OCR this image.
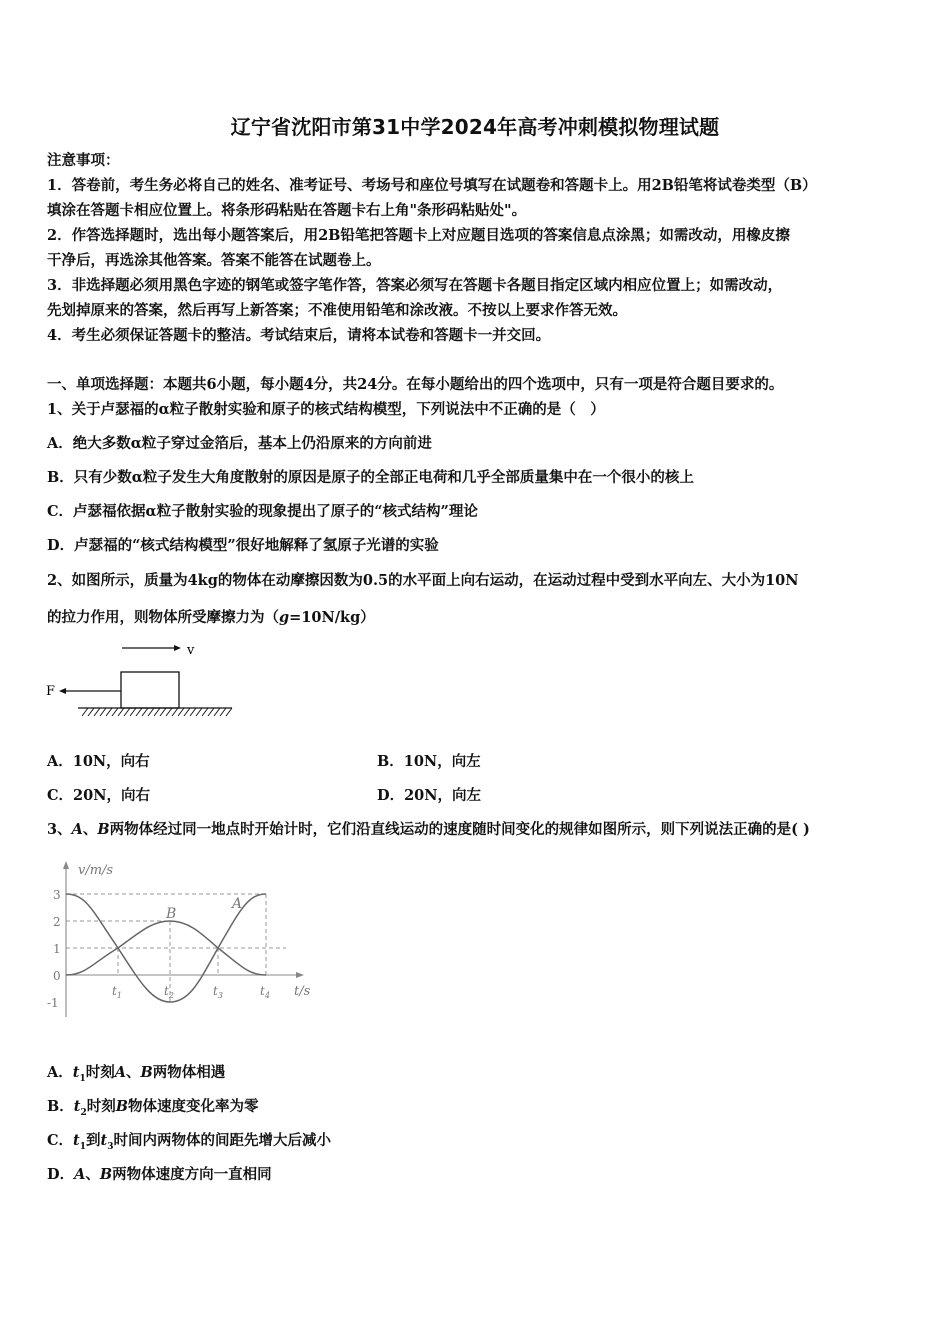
辽宁省沈阳市第31中学2024年高考冲刺模拟物理试题
注意事项：
1．答卷前，考生务必将自己的姓名、准考证号、考场号和座位号填写在试题卷和答题卡上。用2B铅笔将试卷类型（B）
填涂在答题卡相应位置上。将条形码粘贴在答题卡右上角"条形码粘贴处"。
2．作答选择题时，选出每小题答案后，用2B铅笔把答题卡上对应题目选项的答案信息点涂黑；如需改动，用橡皮擦
干净后，再选涂其他答案。答案不能答在试题卷上。
3．非选择题必须用黑色字迹的钢笔或签字笔作答，答案必须写在答题卡各题目指定区域内相应位置上；如需改动，
先划掉原来的答案，然后再写上新答案；不准使用铅笔和涂改液。不按以上要求作答无效。
4．考生必须保证答题卡的整洁。考试结束后，请将本试卷和答题卡一并交回。
一、单项选择题：本题共6小题，每小题4分，共24分。在每小题给出的四个选项中，只有一项是符合题目要求的。
1、关于卢瑟福的α粒子散射实验和原子的核式结构模型，下列说法中不正确的是（　）
A．绝大多数α粒子穿过金箔后，基本上仍沿原来的方向前进
B．只有少数α粒子发生大角度散射的原因是原子的全部正电荷和几乎全部质量集中在一个很小的核上
C．卢瑟福依据α粒子散射实验的现象提出了原子的“核式结构”理论
D．卢瑟福的“核式结构模型”很好地解释了氢原子光谱的实验
2、如图所示，质量为4kg的物体在动摩擦因数为0.5的水平面上向右运动，在运动过程中受到水平向左、大小为10N
的拉力作用，则物体所受摩擦力为（g=10N/kg）
v
F
A．10N，向右	B．10N，向左
C．20N，向右	D．20N，向左
3、A、B两物体经过同一地点时开始计时，它们沿直线运动的速度随时间变化的规律如图所示，则下列说法正确的是( )
v/m/s
t/s
3
2
1
0
-1
$t_1$	$t_2$	$t_3$	$t_4$
B
A
A．$t_1$时刻A、B两物体相遇
B．$t_2$时刻B物体速度变化率为零
C．$t_1$到$t_3$时间内两物体的间距先增大后减小
D．A、B两物体速度方向一直相同
